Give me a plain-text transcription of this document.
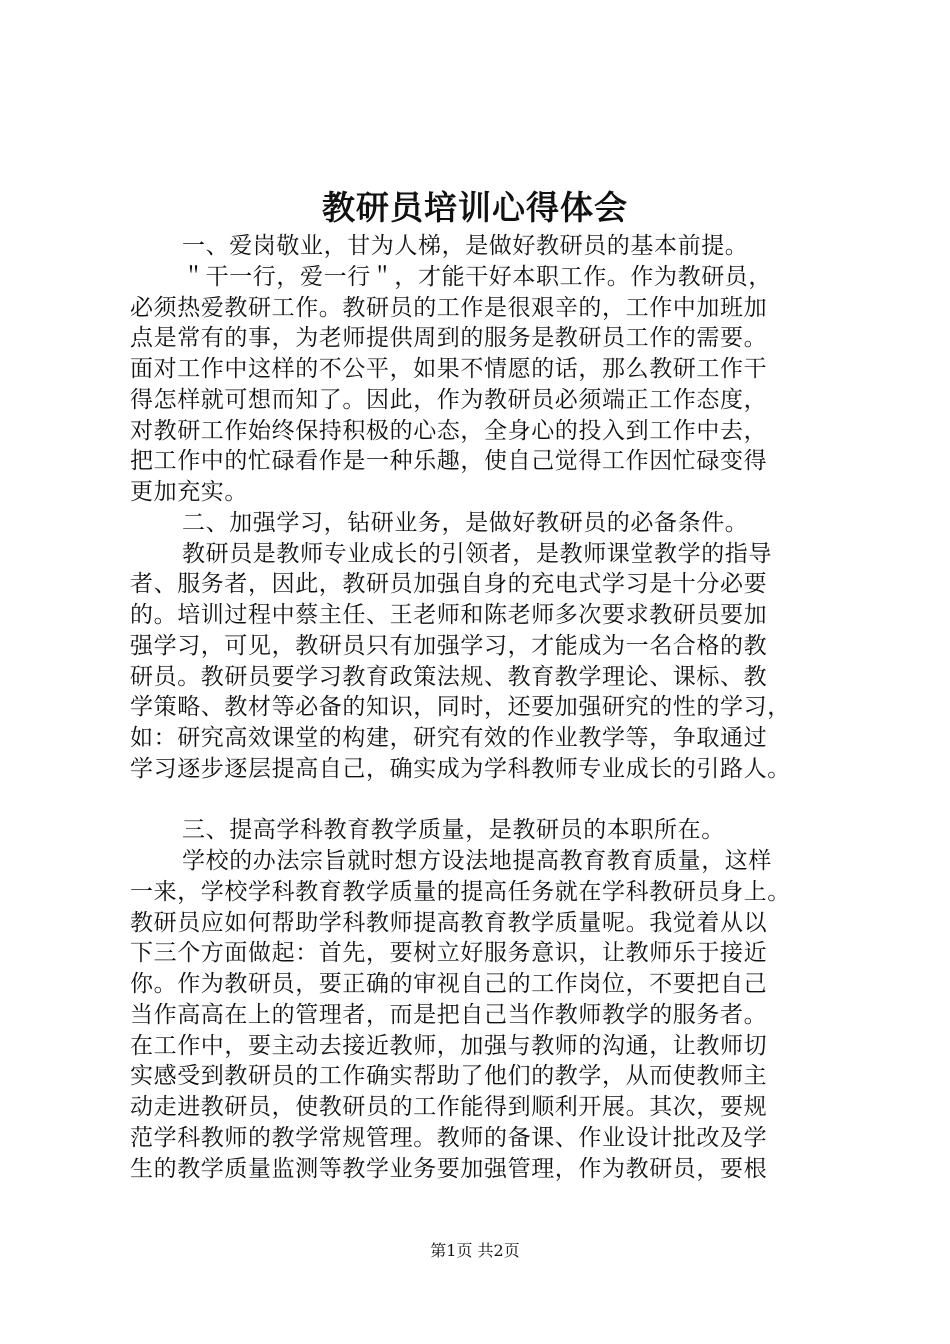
教研员培训心得体会
一、爱岗敬业，甘为人梯，是做好教研员的基本前提。
＂干一行，爱一行＂，才能干好本职工作。作为教研员，
必须热爱教研工作。教研员的工作是很艰辛的，工作中加班加
点是常有的事，为老师提供周到的服务是教研员工作的需要。
面对工作中这样的不公平，如果不情愿的话，那么教研工作干
得怎样就可想而知了。因此，作为教研员必须端正工作态度，
对教研工作始终保持积极的心态，全身心的投入到工作中去，
把工作中的忙碌看作是一种乐趣，使自己觉得工作因忙碌变得
更加充实。
二、加强学习，钻研业务，是做好教研员的必备条件。
教研员是教师专业成长的引领者，是教师课堂教学的指导
者、服务者，因此，教研员加强自身的充电式学习是十分必要
的。培训过程中蔡主任、王老师和陈老师多次要求教研员要加
强学习，可见，教研员只有加强学习，才能成为一名合格的教
研员。教研员要学习教育政策法规、教育教学理论、课标、教
学策略、教材等必备的知识，同时，还要加强研究的性的学习，
如：研究高效课堂的构建，研究有效的作业教学等，争取通过
学习逐步逐层提高自己，确实成为学科教师专业成长的引路人。
三、提高学科教育教学质量，是教研员的本职所在。
学校的办法宗旨就时想方设法地提高教育教育质量，这样
一来，学校学科教育教学质量的提高任务就在学科教研员身上。
教研员应如何帮助学科教师提高教育教学质量呢。我觉着从以
下三个方面做起：首先，要树立好服务意识，让教师乐于接近
你。作为教研员，要正确的审视自己的工作岗位，不要把自己
当作高高在上的管理者，而是把自己当作教师教学的服务者。
在工作中，要主动去接近教师，加强与教师的沟通，让教师切
实感受到教研员的工作确实帮助了他们的教学，从而使教师主
动走进教研员，使教研员的工作能得到顺利开展。其次，要规
范学科教师的教学常规管理。教师的备课、作业设计批改及学
生的教学质量监测等教学业务要加强管理，作为教研员，要根
第1页 共2页
